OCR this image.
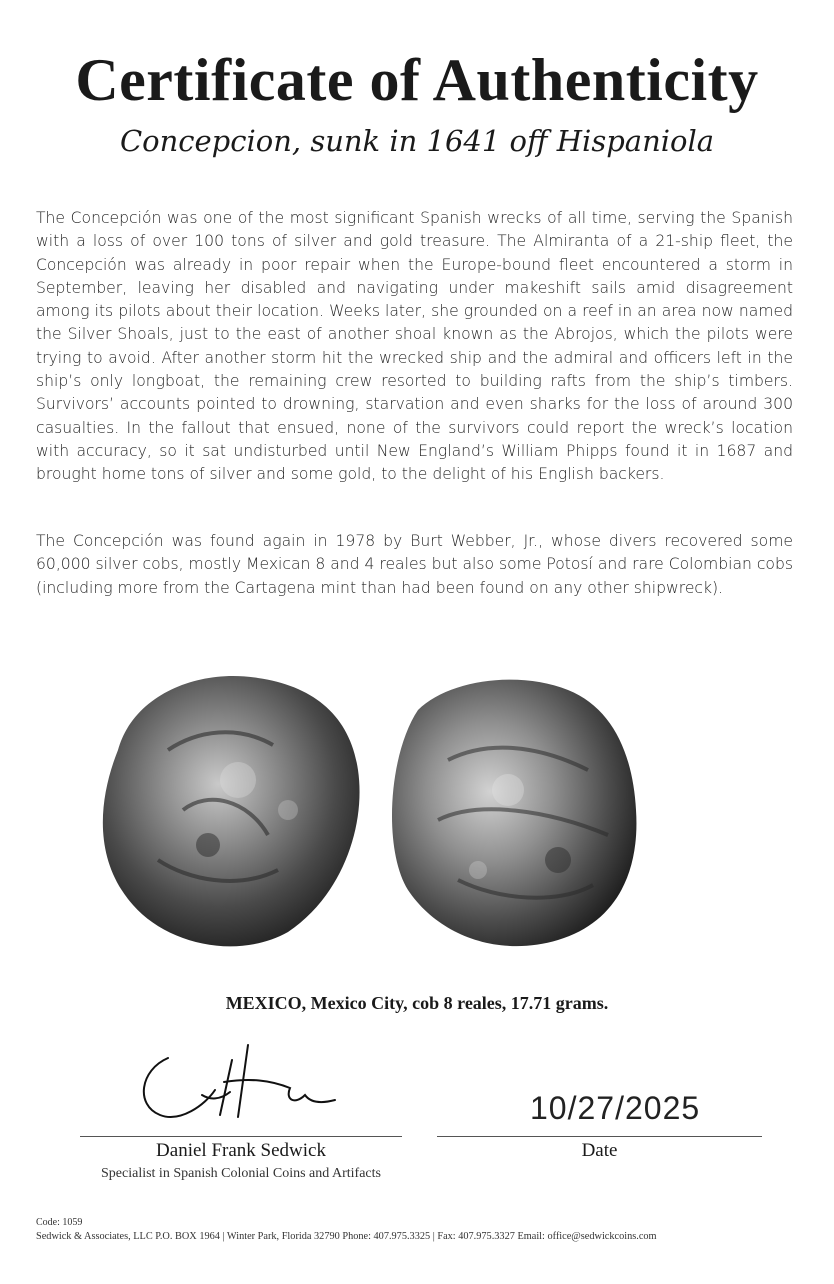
Certificate of Authenticity
Concepcion, sunk in 1641 off Hispaniola

The Concepción was one of the most significant Spanish wrecks of all time, serving the Spanish with a loss of over 100 tons of silver and gold treasure. The Almiranta of a 21-ship fleet, the Concepción was already in poor repair when the Europe-bound fleet encountered a storm in September, leaving her disabled and navigating under makeshift sails amid disagreement among its pilots about their location. Weeks later, she grounded on a reef in an area now named the Silver Shoals, just to the east of another shoal known as the Abrojos, which the pilots were trying to avoid. After another storm hit the wrecked ship and the admiral and officers left in the ship’s only longboat, the remaining crew resorted to building rafts from the ship’s timbers. Survivors’ accounts pointed to drowning, starvation and even sharks for the loss of around 300 casualties. In the fallout that ensued, none of the survivors could report the wreck’s location with accuracy, so it sat undisturbed until New England’s William Phipps found it in 1687 and brought home tons of silver and some gold, to the delight of his English backers.

The Concepción was found again in 1978 by Burt Webber, Jr., whose divers recovered some 60,000 silver cobs, mostly Mexican 8 and 4 reales but also some Potosí and rare Colombian cobs (including more from the Cartagena mint than had been found on any other shipwreck).

MEXICO, Mexico City, cob 8 reales, 17.71 grams.
10/27/2025
Daniel Frank Sedwick
Specialist in Spanish Colonial Coins and Artifacts
Date
Code: 1059
Sedwick & Associates, LLC P.O. BOX 1964 | Winter Park, Florida 32790 Phone: 407.975.3325 | Fax: 407.975.3327 Email: office@sedwickcoins.com
